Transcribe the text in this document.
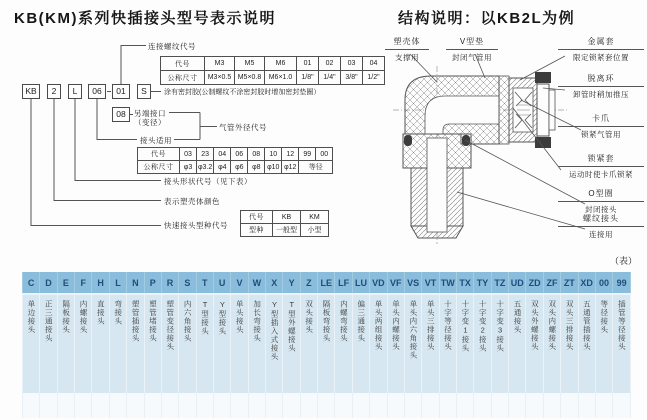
KB(KM)系列快插接头型号表示说明
KB	2	L	06	01	S
08
连接螺纹代号
涂有密封胶(公制螺纹不涂密封胶时增加密封垫圈）
另端接口
（变径）
气管外径代号
接头适用
接头形状代号（见下表）
表示塑壳体颜色
快速接头型种代号
代号	M3	M5	M6	01	02	03	04
公称尺寸	M3×0.5	M5×0.8	M6×1.0	1/8"	1/4"	3/8"	1/2"
代号	03	23	04	06	08	10	12	99	00
公称尺寸	φ3	φ3.2	φ4	φ6	φ8	φ10	φ12	等径	
代号	KB	KM
型种	一般型	小型
结构说明：以KB2L为例
塑壳体
支撑用
V型垫
封闭气管用
金属套
限定锁紧套位置
脱离环
卸管时稍加推压
卡爪
锁紧气管用
锁紧套
运动时使卡爪锁紧
O型圈
封闭接头
螺纹接头
连接用
（表）
C	D	E	F	H	L	N	P	R	S	T	U	V	W	X	Y	Z	LE	LF	LU	VD	VF	VS	VT	TW	TX	TY	TZ	UD	ZD	ZF	ZT	XD	00	99
单边接头	正三通接头	隔板接头	内螺接头	直接头	弯接头	塑管插接头	塑管堵接头	塑管变径接头	内六角接头	T型接头	Y型接头	单头接头	加长弯接头	Y型插入式接头	T型外螺接头	双头接头	隔板弯接头	内螺弯接头	偏三通接头	单头两组接头	单头内螺接头	单头内六角接头	单头三排接头	十字等径接头	十字变1接头	十字变2接头	十字变3接头	五通接头	双头外螺接头	双头内螺接头	双头三排接头	五通管插接头	等径接头	插管等径接头
